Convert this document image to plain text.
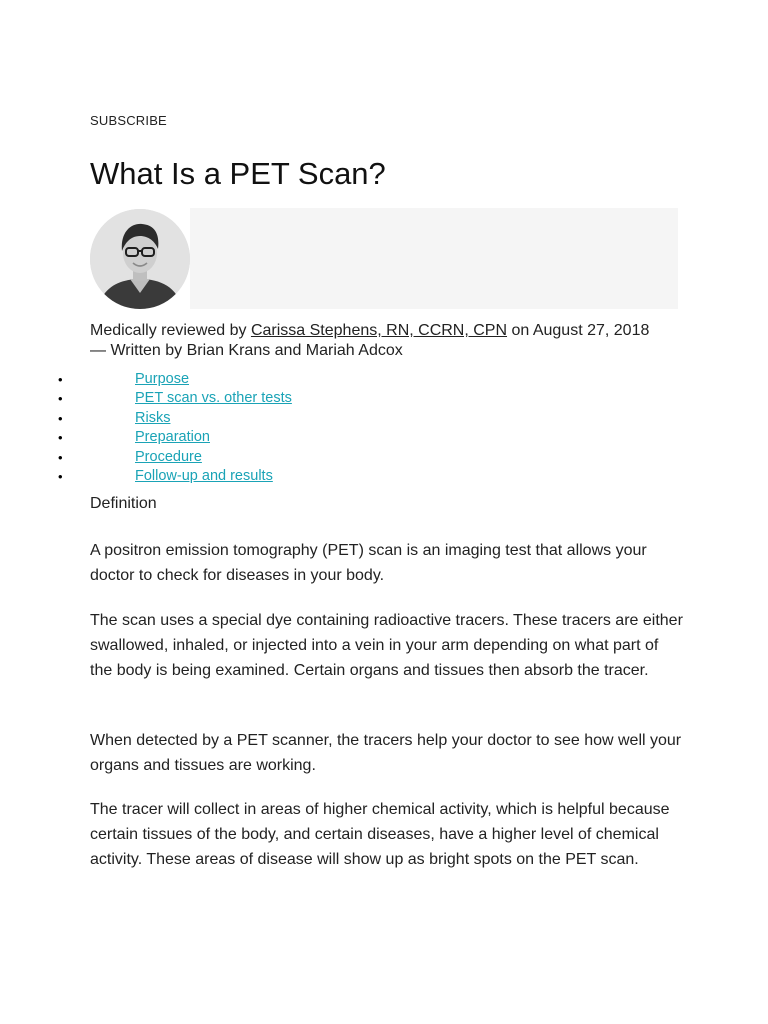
SUBSCRIBE
What Is a PET Scan?
Medically reviewed by Carissa Stephens, RN, CCRN, CPN on August 27, 2018
— Written by Brian Krans and Mariah Adcox
•	Purpose
•	PET scan vs. other tests
•	Risks
•	Preparation
•	Procedure
•	Follow-up and results
Definition

A positron emission tomography (PET) scan is an imaging test that allows your doctor to check for diseases in your body.

The scan uses a special dye containing radioactive tracers. These tracers are either swallowed, inhaled, or injected into a vein in your arm depending on what part of the body is being examined. Certain organs and tissues then absorb the tracer.

When detected by a PET scanner, the tracers help your doctor to see how well your organs and tissues are working.

The tracer will collect in areas of higher chemical activity, which is helpful because certain tissues of the body, and certain diseases, have a higher level of chemical activity. These areas of disease will show up as bright spots on the PET scan.
